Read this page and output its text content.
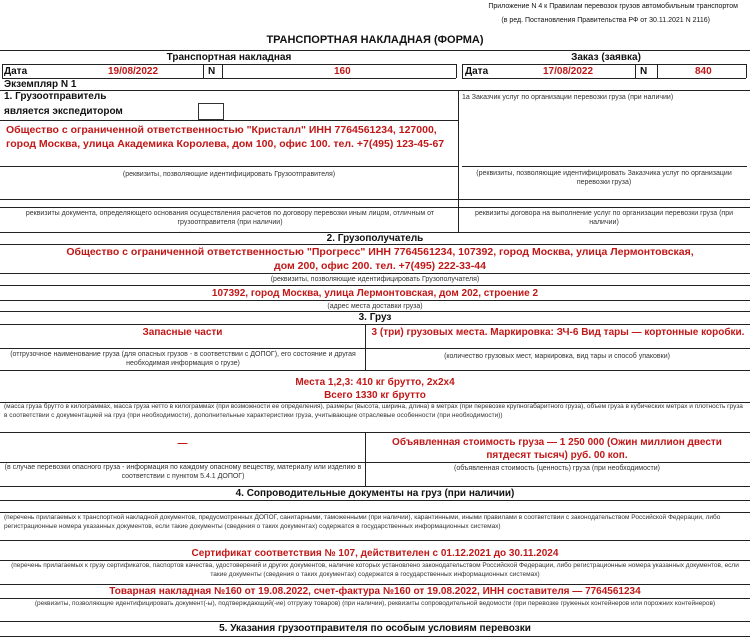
Приложение N 4 к Правилам перевозок грузов автомобильным транспортом
(в ред. Постановления Правительства РФ от 30.11.2021 N 2116)
ТРАНСПОРТНАЯ НАКЛАДНАЯ (ФОРМА)
Транспортная накладная	Заказ (заявка)
Дата	19/08/2022	N	160	Дата	17/08/2022	N	840
Экземпляр N 1
1. Грузоотправитель	1а Заказчик услуг по организации перевозки груза (при наличии)
является экспедитором
Общество с ограниченной ответственностью "Кристалл" ИНН 7764561234, 127000, город Москва, улица Академика Королева, дом 100, офис 100. тел. +7(495) 123-45-67
(реквизиты, позволяющие идентифицировать Грузоотправителя)	(реквизиты, позволяющие идентифицировать Заказчика услуг по организации перевозки груза)
реквизиты документа, определяющего основания осуществления расчетов по договору перевозки иным лицом, отличным от грузоотправителя (при наличии)
реквизиты договора на выполнение услуг по организации перевозки груза (при наличии)
2. Грузополучатель
Общество с ограниченной ответственностью "Прогресс" ИНН 7764561234, 107392, город Москва, улица Лермонтовская, дом 200, офис 200. тел. +7(495) 222-33-44
(реквизиты, позволяющие идентифицировать Грузополучателя)
107392, город Москва, улица Лермонтовская, дом 202, строение 2
(адрес места доставки груза)
3. Груз
Запасные части	3 (три) грузовых места. Маркировка: ЗЧ-6 Вид тары — кортонные коробки.
(отгрузочное наименование груза (для опасных грузов - в соответствии с ДОПОГ), его состояние и другая необходимая информация о грузе)
(количество грузовых мест, маркировка, вид тары и способ упаковки)
Места 1,2,3: 410 кг брутто, 2х2х4
Всего 1330 кг брутто
(масса груза брутто в килограммах, масса груза нетто в килограммах (при возможности ее определения), размеры (высота, ширина, длина) в метрах (при перевозке крупногабаритного груза), объем груза в кубических метрах и плотность груза в соответствии с документацией на груз (при необходимости), дополнительные характеристики груза, учитывающие отраслевые особенности (при необходимости))
—	Объявленная стоимость груза — 1 250 000 (Ожин миллион двести пятдесят тысяч) руб. 00 коп.
(в случае перевозки опасного груза - информация по каждому опасному веществу, материалу или изделию в соответствии с пунктом 5.4.1 ДОПОГ)
(объявленная стоимость (ценность) груза (при необходимости)
4. Сопроводительные документы на груз (при наличии)
(перечень прилагаемых к транспортной накладной документов, предусмотренных ДОПОГ, санитарными, таможенными (при наличии), карантинными, иными правилами в соответствии с законодательством Российской Федерации, либо регистрационные номера указанных документов, если такие документы (сведения о таких документах) содержатся в государственных информационных системах)
Сертификат соответствия № 107, действителен с 01.12.2021 до 30.11.2024
(перечень прилагаемых к грузу сертификатов, паспортов качества, удостоверений и других документов, наличие которых установлено законодательством Российской Федерации, либо регистрационные номера указанных документов, если такие документы (сведения о таких документах) содержатся в государственных информационных системах)
Товарная накладная №160 от 19.08.2022, счет-фактура №160 от 19.08.2022, ИНН составителя — 7764561234
(реквизиты, позволяющие идентифицировать документ(-ы), подтверждающий(-ие) отгрузку товаров) (при наличии), реквизиты сопроводительной ведомости (при перевозке груженых контейнеров или порожних контейнеров)
5. Указания грузоотправителя по особым условиям перевозки
